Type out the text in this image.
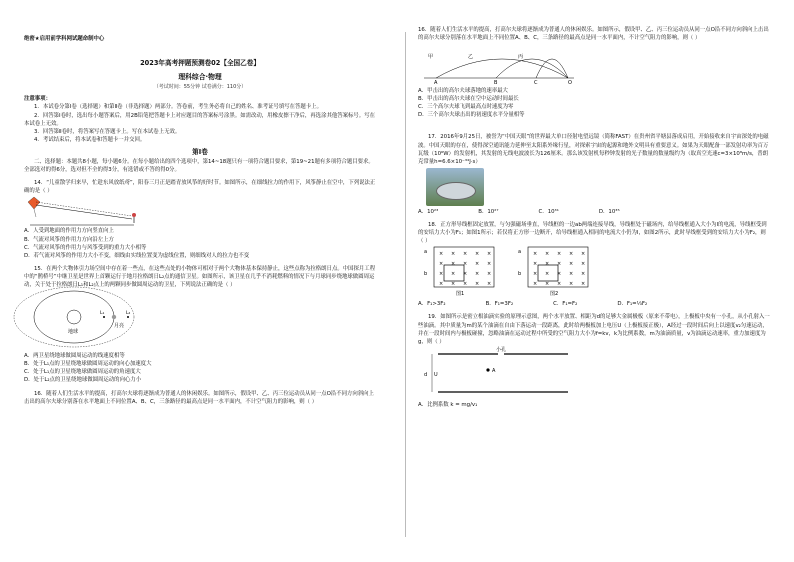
绝密★启用前学科网试题命制中心
2023年高考押题预测卷02【全国乙卷】
理科综合·物理
（考试时间：55分钟 试卷满分：110分）
注意事项：

1．本试卷分第Ⅰ卷（选择题）和第Ⅱ卷（非选择题）两部分。答卷前，考生务必将自己的姓名、准考证号填写在答题卡上。

2．回答第Ⅰ卷时，选出每小题答案后，用2B铅笔把答题卡上对应题目的答案标号涂黑。如需改动，用橡皮擦干净后，再选涂其他答案标号。写在本试卷上无效。

3．回答第Ⅱ卷时，将答案写在答题卡上。写在本试卷上无效。

4．考试结束后，将本试卷和答题卡一并交回。

第Ⅰ卷

二、选择题：本题共8小题，每小题6分。在每小题给出的四个选项中，第14~18题只有一项符合题目要求，第19~21题有多项符合题目要求。全部选对的得6分，选对但不全的得3分，有选错或不答的得0分。

14．“儿童散学归来早，忙趁东风放纸鸢”，阳春三月正是踏青放风筝的好时节。如图所示，在细线拉力的作用下，风筝静止在空中，下列说法正确的是（ ）

A．人受到地面的作用力方向竖直向上

B．气流对风筝的作用力方向沿左上方

C．气流对风筝的作用力与风筝受到的重力大小相等

D．若气流对风筝的作用力大小不变，细线由实线位置变为虚线位置，则细线对人的拉力也不变

15．在两个大物体引力场空间中存在着一些点，在这些点处的小物体可相对于两个大物体基本保持静止，这些点称为拉格朗日点。中国探月工程中的“鹊桥号”中继卫星是世界上首颗运行于地月拉格朗日L₂点的通信卫星。如图所示，该卫星在几乎不消耗燃料的情况下与月球同步绕地球做圆周运动，关于处于拉格朗日L₁和L₂点上的两颗同步做圆周运动的卫星，下列说法正确的是（ ）

地球
月亮
L₁	L₂

A．两卫星绕地球做圆周运动的线速度相等

B．处于L₁点的卫星绕地球做圆周运动的向心加速度大

C．处于L₁点的卫星绕地球做圆周运动的角速度大

D．处于L₂点的卫星绕地球做圆周运动的向心力小

16．随着人们生活水平的提高，打高尔夫球将逐渐成为普通人的休闲娱乐。如图所示，假设甲、乙、丙三位运动员从同一点O沿不同方向斜向上击出的高尔夫球分别落在水平地面上不同位置A、B、C，三条路径的最高点是同一水平面内，不计空气阻力的影响，则（ ）

16．随着人们生活水平的提高，打高尔夫球将逐渐成为普通人的休闲娱乐。如图所示，假设甲、乙、丙三位运动员从同一点O沿不同方向斜向上击出的高尔夫球分别落在水平地面上不同位置A、B、C，三条路径的最高点是同一水平面内，不计空气阻力的影响，则（ ）

甲	乙	丙
O
A	B	C

A．甲击出的高尔夫球落地的速率最大

B．甲击出的高尔夫球在空中运动时间最长

C．三个高尔夫球飞到最高点时速度为零

D．三个高尔夫球击出的初速度水平分量相等

17．2016年9月25日，被誉为“中国天眼”的世界最大单口径射电望远镜（简称FAST）在贵州省平塘县落成启用，开始接收来自宇宙深处的电磁波。中国天眼的存在，使得深空通讯能力延伸至太阳系外缘行星，对探索宇宙的起源和地外文明具有重要意义。如果为天眼配备一部发射功率为百万瓦级（10⁶W）的发射机，其发射的无线电波波长为126厘米。那么该发射机每秒钟发射的光子数量的数量级约为（取真空光速c=3×10⁸m/s，普朗克常量h=6.6×10⁻³⁴J·s）

A．10²³	B．10²⁷	C．10³¹	D．10³⁵

18．正方形导线框固定放置，与匀强磁场垂直，导线框的一边ab两端连接导线，导线框处于磁场内，给导线框通入大小为I的电流，导线框受到的安培力大小为F₁；如图1所示；若仅将正方形一边断开，给导线框通入相同的电流大小仍为I，如图2所示，此时导线框受到的安培力大小为F₂，则（ ）

a
b
图1
a
b
图2
× × × × ×
× × × × ×
× × × × ×
× × × × ×
× × × × ×
× × × × ×
× × × × ×
× × × × ×
A．F₁>3F₂	B．F₁=3F₂	C．F₁=F₂	D．F₁=⅓F₂

19．如图所示是密立根油滴实验的原理示意图，两个水平放置、相距为d的足够大金属极板（原来不带电），上极板中央有一小孔，从小孔射入一些油滴。其中质量为m的某个油滴在自由下落运动一段距离，此时给两极板加上电压U（上极板接正极），A经过一段时间后向上以速度v₂匀速运动，并在一段时间内与极板碰撞，忽略油滴在运动过程中所受的空气阻力大小为f=kv，k为比例系数，m为油滴质量，v为油滴运动速率，重力加速度为g，则（ ）

小孔
A
d U

A．比例系数 k = mg/v₁
